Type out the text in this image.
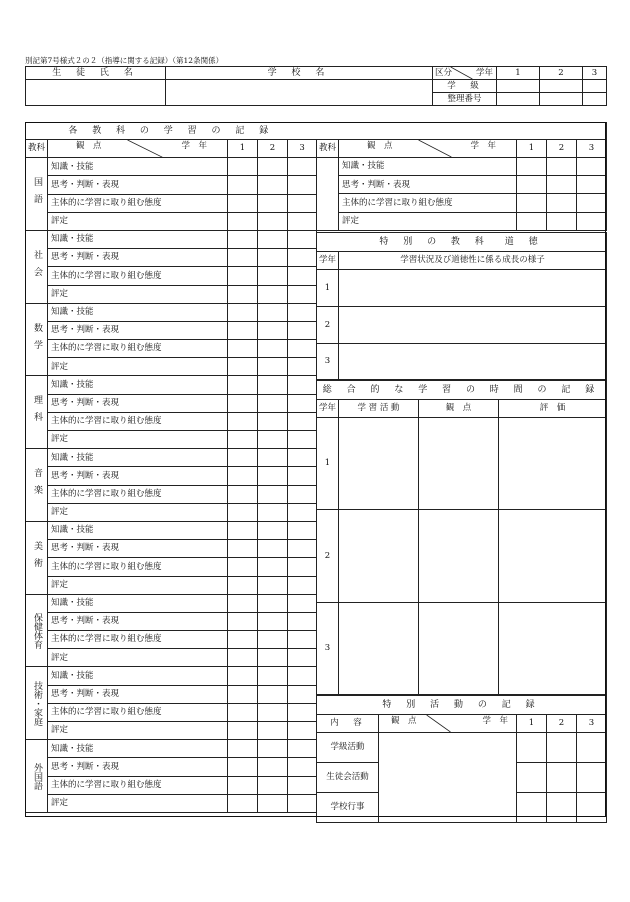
別記第7号様式２の２（指導に関する記録）（第12条関係）
生 徒 氏 名	学 校 名	区分 学年	1	2	3
		学　級			
		整理番号			
各 教 科 の 学 習 の 記 録				
教科	観　点 学　年	1	2	3
国語	知識・技能			
	思考・判断・表現			
	主体的に学習に取り組む態度			
	評定			
社会	知識・技能			
	思考・判断・表現			
	主体的に学習に取り組む態度			
	評定			
数学	知識・技能			
	思考・判断・表現			
	主体的に学習に取り組む態度			
	評定			
理科	知識・技能			
	思考・判断・表現			
	主体的に学習に取り組む態度			
	評定			
音楽	知識・技能			
	思考・判断・表現			
	主体的に学習に取り組む態度			
	評定			
美術	知識・技能			
	思考・判断・表現			
	主体的に学習に取り組む態度			
	評定			
保健体育	知識・技能			
	思考・判断・表現			
	主体的に学習に取り組む態度			
	評定			
技術・家庭	知識・技能			
	思考・判断・表現			
	主体的に学習に取り組む態度			
	評定			
外国語	知識・技能			
	思考・判断・表現			
	主体的に学習に取り組む態度			
	評定			

教科	観　点 学　年	1	2	3
	知識・技能			
	思考・判断・表現			
	主体的に学習に取り組む態度			
	評定			
特 別 の 教 科　道 徳	
学年	学習状況及び道徳性に係る成長の様子
1	
2	
3	
総 合 的 な 学 習 の 時 間 の 記 録			
学年	学 習 活 動	観　点	評　価
1			
2			
3			
特 別 活 動 の 記 録				
内　容	観　点 学　年	1	2	3
学級活動				
生徒会活動				
学校行事				
